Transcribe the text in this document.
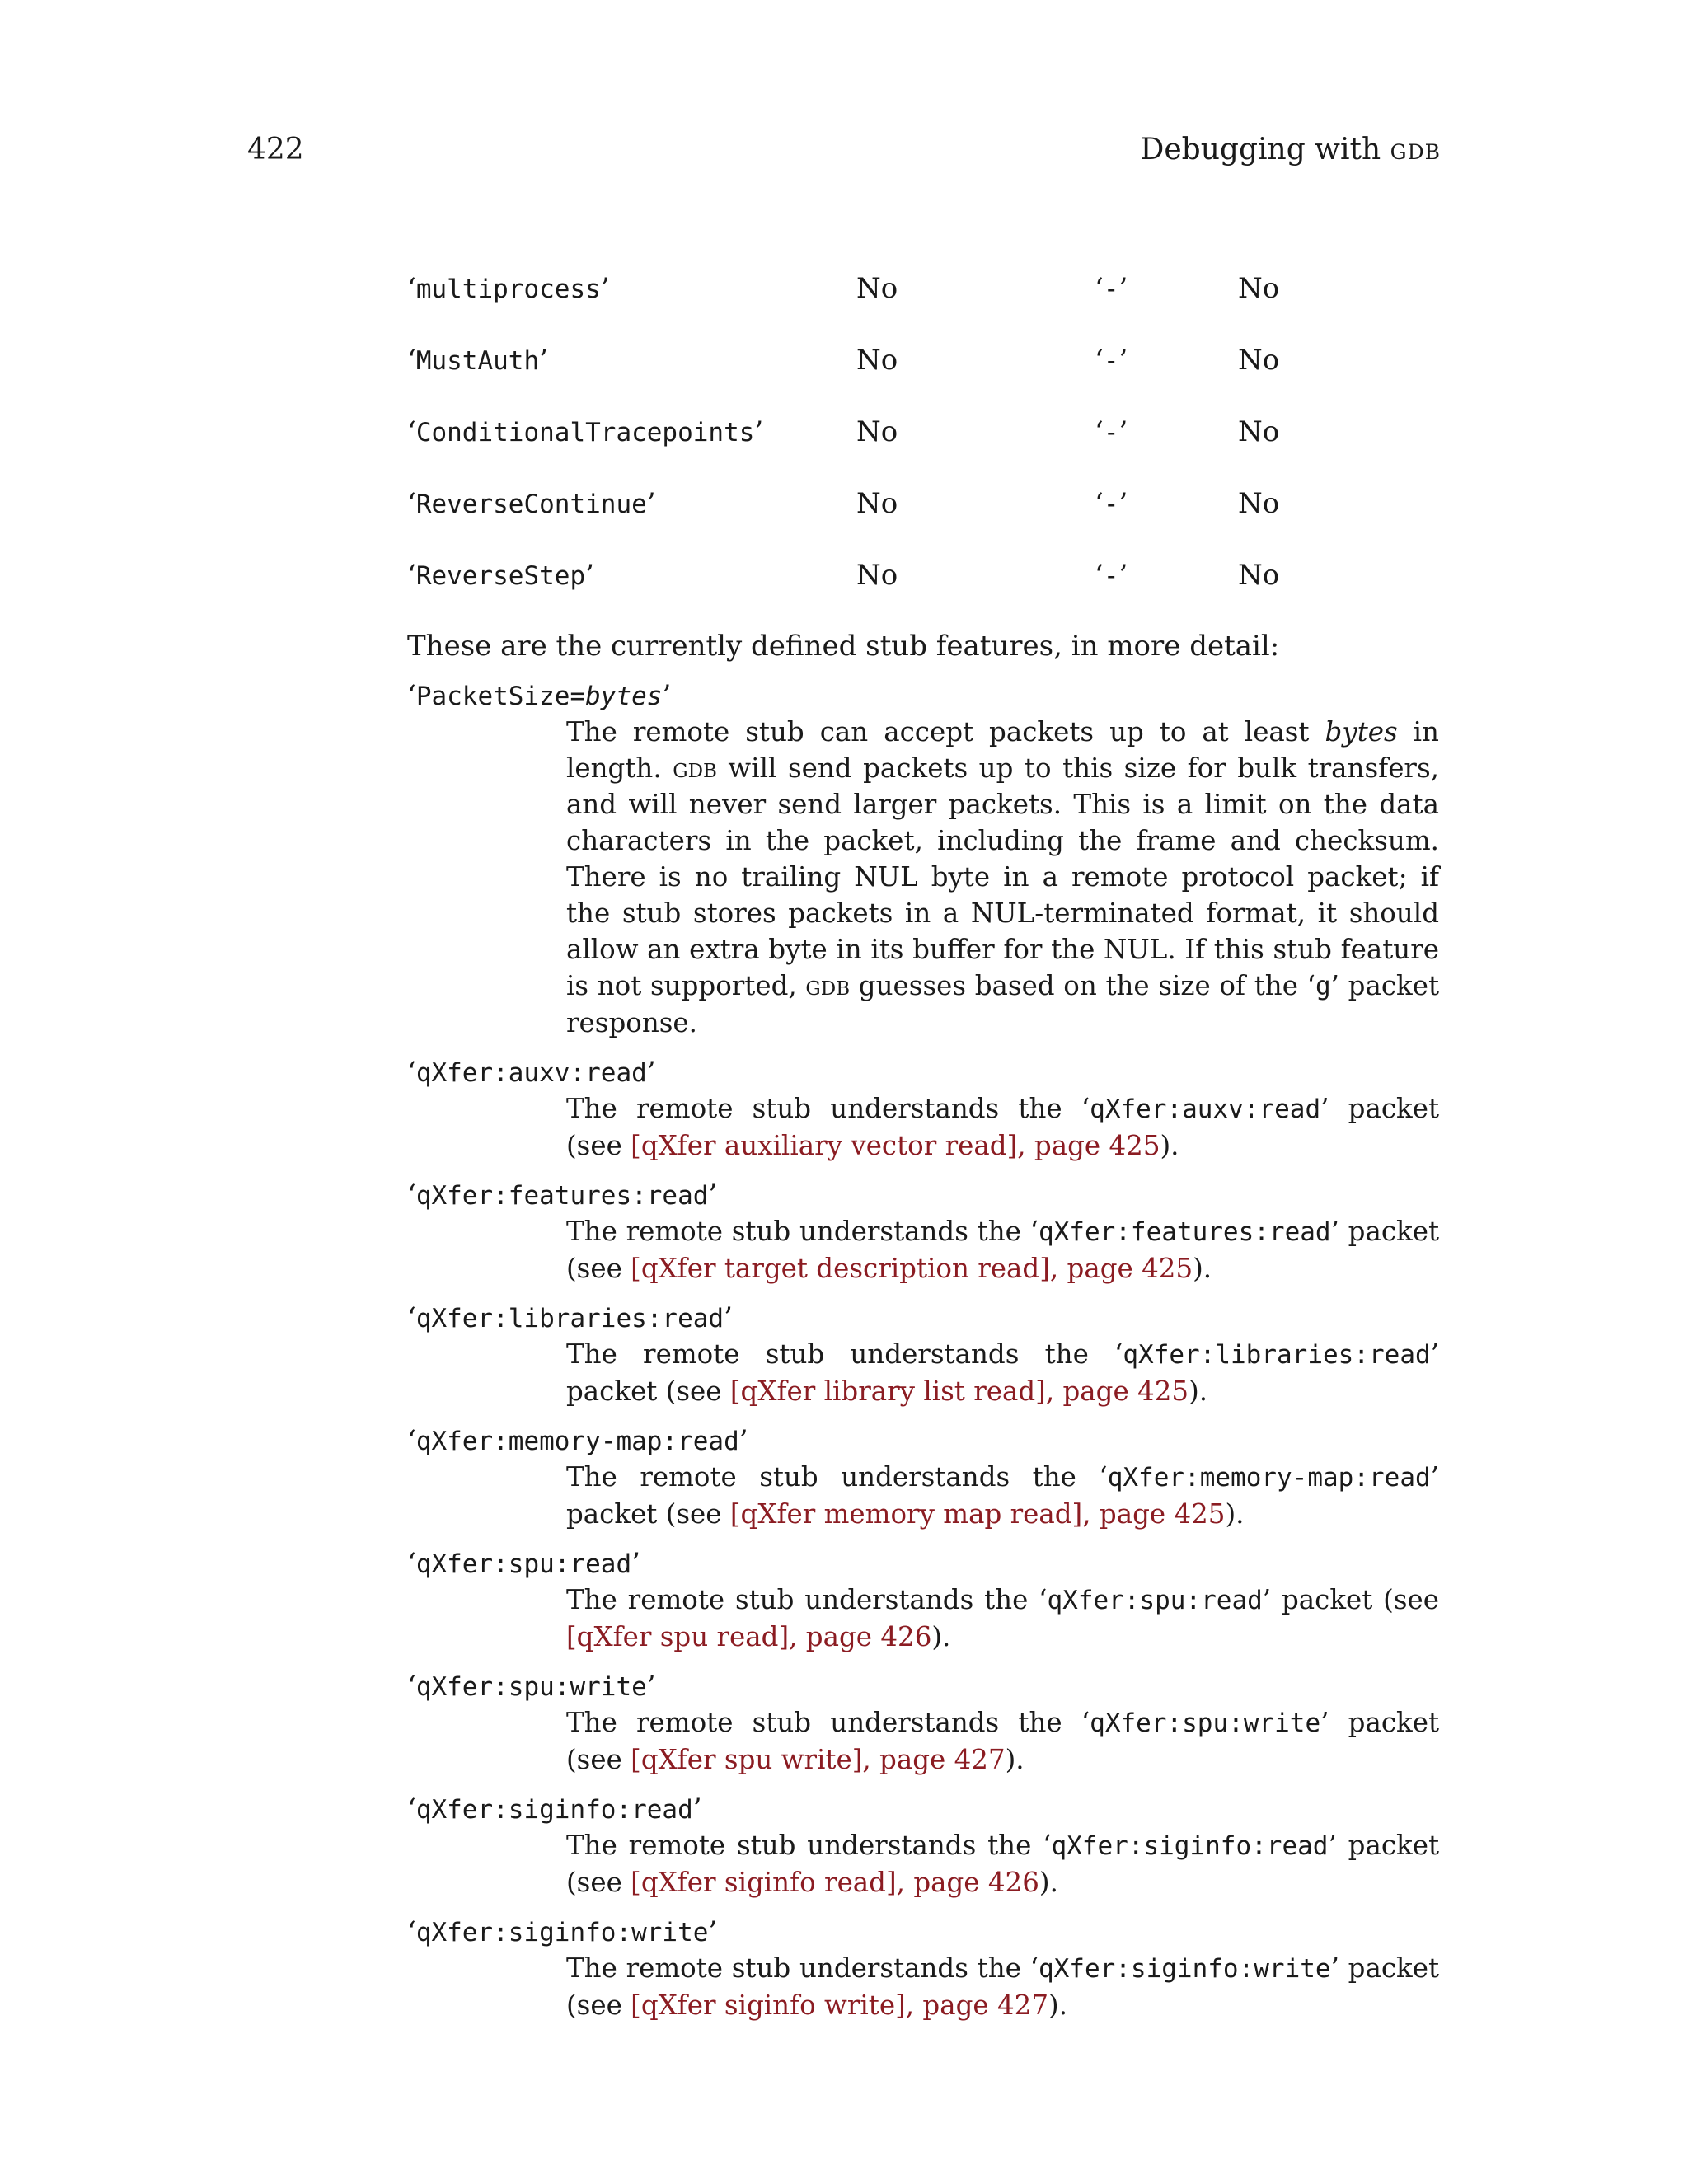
422	Debugging with gdb
‘multiprocess’	No	‘-’	No
‘MustAuth’	No	‘-’	No
‘ConditionalTracepoints’	No	‘-’	No
‘ReverseContinue’	No	‘-’	No
‘ReverseStep’	No	‘-’	No
These are the currently defined stub features, in more detail:
‘PacketSize=bytes’
The remote stub can accept packets up to at least bytes in length. gdb will send packets up to this size for bulk transfers, and will never send larger packets. This is a limit on the data characters in the packet, including the frame and checksum. There is no trailing NUL byte in a remote protocol packet; if the stub stores packets in a NUL-terminated format, it should allow an extra byte in its buffer for the NUL. If this stub feature is not supported, gdb guesses based on the size of the ‘g’ packet response.
‘qXfer:auxv:read’
The remote stub understands the ‘qXfer:auxv:read’ packet (see [qXfer auxiliary vector read], page 425).
‘qXfer:features:read’
The remote stub understands the ‘qXfer:features:read’ packet (see [qXfer target description read], page 425).
‘qXfer:libraries:read’
The remote stub understands the ‘qXfer:libraries:read’ packet (see [qXfer library list read], page 425).
‘qXfer:memory-map:read’
The remote stub understands the ‘qXfer:memory-map:read’ packet (see [qXfer memory map read], page 425).
‘qXfer:spu:read’
The remote stub understands the ‘qXfer:spu:read’ packet (see [qXfer spu read], page 426).
‘qXfer:spu:write’
The remote stub understands the ‘qXfer:spu:write’ packet (see [qXfer spu write], page 427).
‘qXfer:siginfo:read’
The remote stub understands the ‘qXfer:siginfo:read’ packet (see [qXfer siginfo read], page 426).
‘qXfer:siginfo:write’
The remote stub understands the ‘qXfer:siginfo:write’ packet (see [qXfer siginfo write], page 427).
